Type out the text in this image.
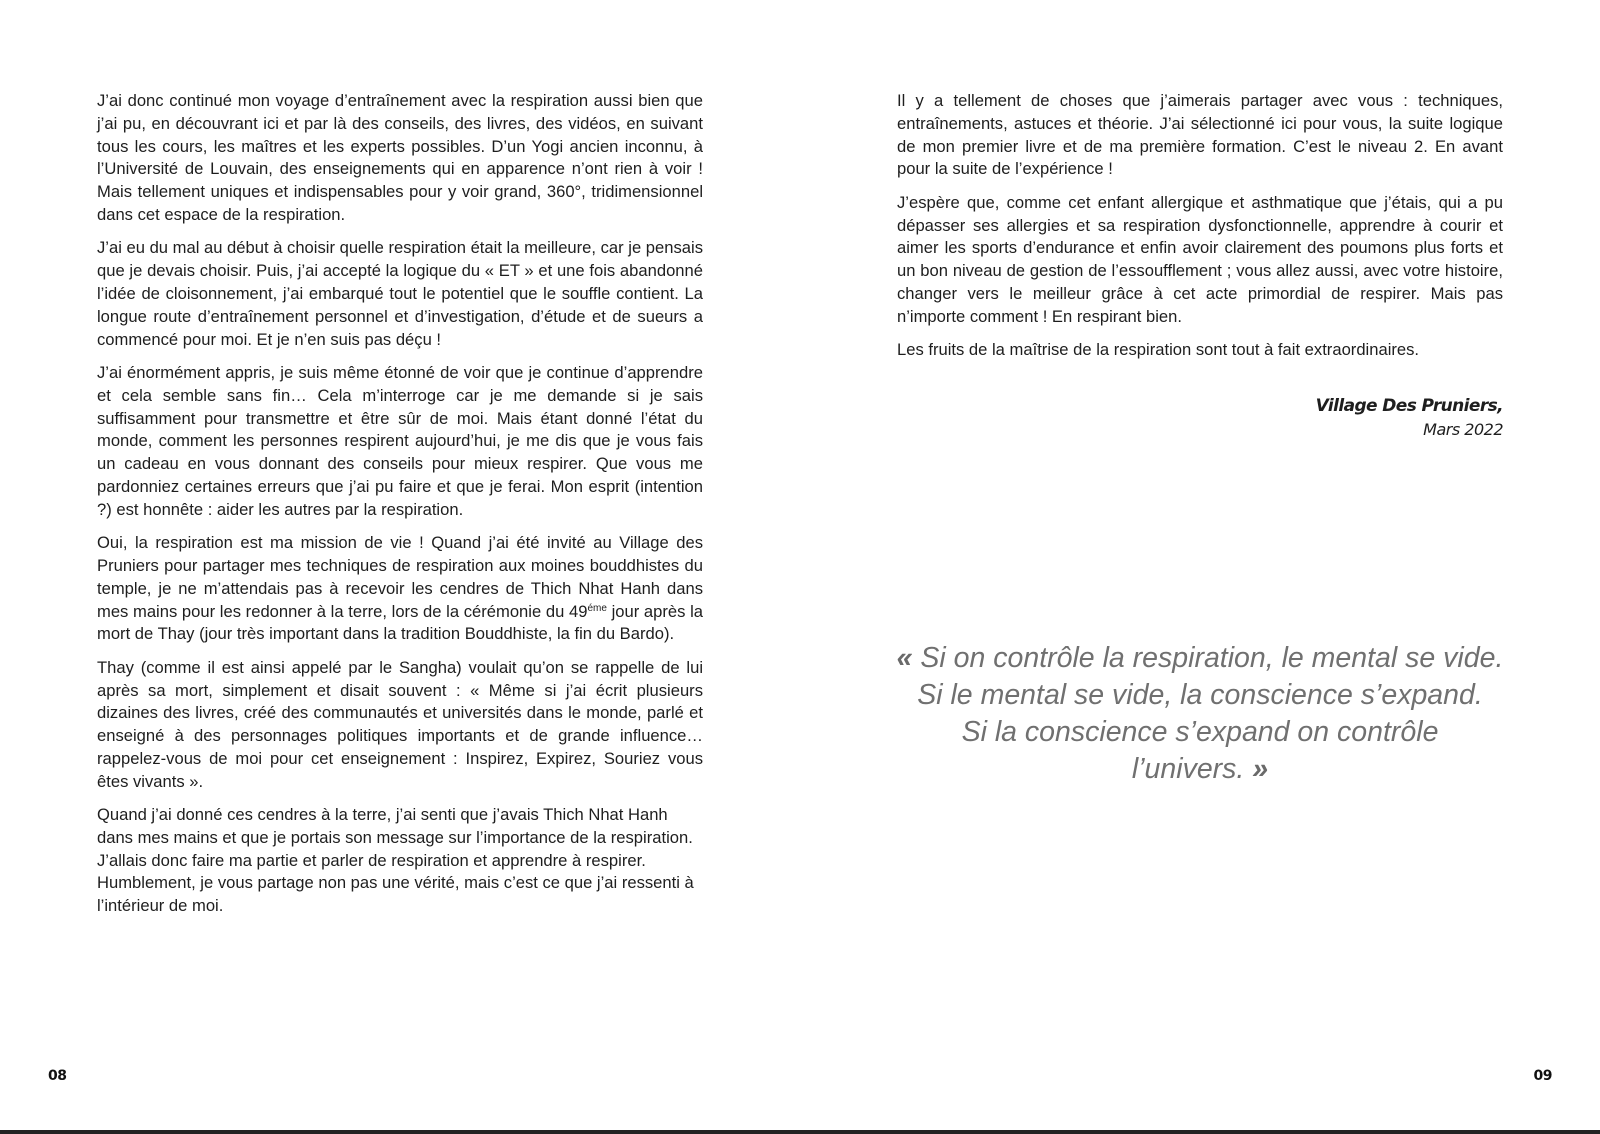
J’ai donc continué mon voyage d’entraînement avec la respiration aussi bien que j’ai pu, en découvrant ici et par là des conseils, des livres, des vidéos, en suivant tous les cours, les maîtres et les experts possibles. D’un Yogi ancien inconnu, à l’Université de Louvain, des enseignements qui en apparence n’ont rien à voir ! Mais tellement uniques et indispensables pour y voir grand, 360°, tridimensionnel dans cet espace de la respiration.

J’ai eu du mal au début à choisir quelle respiration était la meilleure, car je pensais que je devais choisir. Puis, j’ai accepté la logique du « ET » et une fois abandonné l’idée de cloisonnement, j’ai embarqué tout le potentiel que le souffle contient. La longue route d’entraînement personnel et d’investigation, d’étude et de sueurs a commencé pour moi. Et je n’en suis pas déçu !

J’ai énormément appris, je suis même étonné de voir que je continue d’apprendre et cela semble sans fin… Cela m’interroge car je me demande si je sais suffisamment pour transmettre et être sûr de moi. Mais étant donné l’état du monde, comment les personnes respirent aujourd’hui, je me dis que je vous fais un cadeau en vous donnant des conseils pour mieux respirer. Que vous me pardonniez certaines erreurs que j’ai pu faire et que je ferai. Mon esprit (intention ?) est honnête : aider les autres par la respiration.

Oui, la respiration est ma mission de vie ! Quand j’ai été invité au Village des Pruniers pour partager mes techniques de respiration aux moines bouddhistes du temple, je ne m’attendais pas à recevoir les cendres de Thich Nhat Hanh dans mes mains pour les redonner à la terre, lors de la cérémonie du $49^{éme}$ jour après la mort de Thay (jour très important dans la tradition Bouddhiste, la fin du Bardo).

Thay (comme il est ainsi appelé par le Sangha) voulait qu’on se rappelle de lui après sa mort, simplement et disait souvent : « Même si j’ai écrit plusieurs dizaines des livres, créé des communautés et universités dans le monde, parlé et enseigné à des personnages politiques importants et de grande influence… rappelez-vous de moi pour cet enseignement : Inspirez, Expirez, Souriez vous êtes vivants ».

Quand j’ai donné ces cendres à la terre, j’ai senti que j’avais Thich Nhat Hanh dans mes mains et que je portais son message sur l’importance de la respiration. J’allais donc faire ma partie et parler de respiration et apprendre à respirer. Humblement, je vous partage non pas une vérité, mais c’est ce que j’ai ressenti à l’intérieur de moi.

08

Il y a tellement de choses que j’aimerais partager avec vous : techniques, entraînements, astuces et théorie. J’ai sélectionné ici pour vous, la suite logique de mon premier livre et de ma première formation. C’est le niveau 2. En avant pour la suite de l’expérience !

J’espère que, comme cet enfant allergique et asthmatique que j’étais, qui a pu dépasser ses allergies et sa respiration dysfonctionnelle, apprendre à courir et aimer les sports d’endurance et enfin avoir clairement des poumons plus forts et un bon niveau de gestion de l’essoufflement ; vous allez aussi, avec votre histoire, changer vers le meilleur grâce à cet acte primordial de respirer. Mais pas n’importe comment ! En respirant bien.

Les fruits de la maîtrise de la respiration sont tout à fait extraordinaires.

Village Des Pruniers,
Mars 2022
« Si on contrôle la respiration, le mental se vide.
Si le mental se vide, la conscience s’expand.
Si la conscience s’expand on contrôle
l’univers. »
09
